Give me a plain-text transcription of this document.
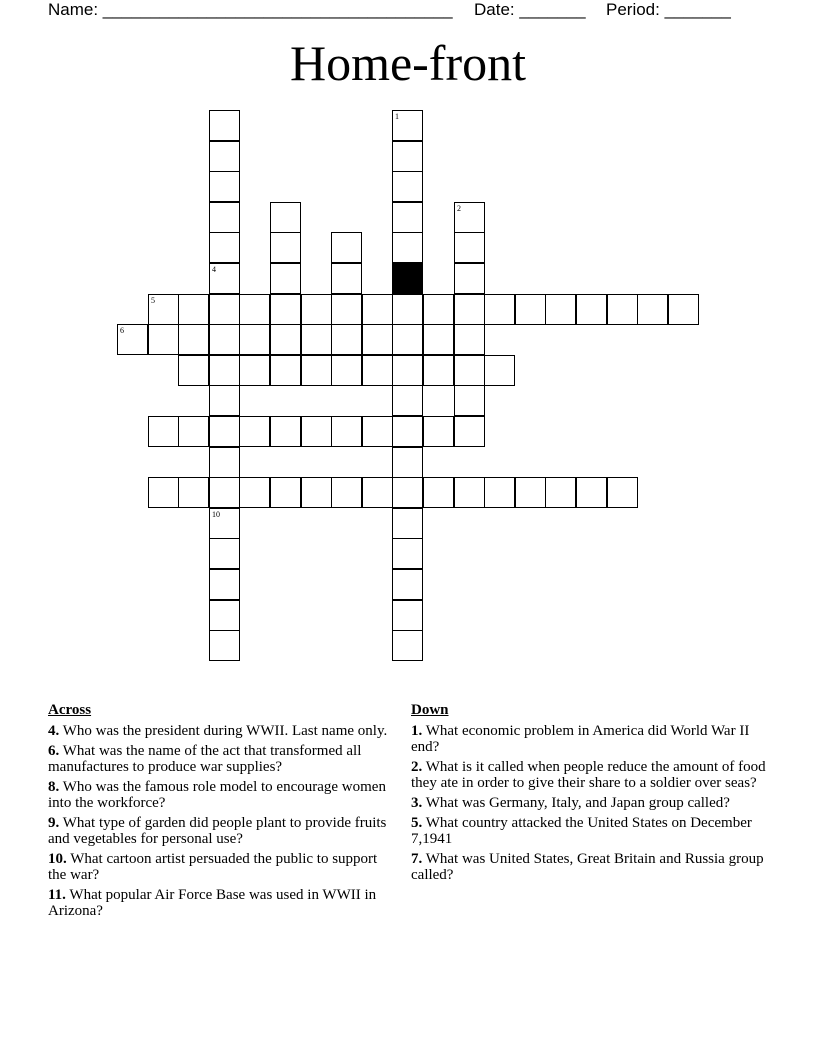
Name: _____________________________________ Date: _______ Period: _______
Home-front
4
10
5
6
1
2
Across
4. Who was the president during WWII. Last name only.
6. What was the name of the act that transformed all manufactures to produce war supplies?
8. Who was the famous role model to encourage women into the workforce?
9. What type of garden did people plant to provide fruits and vegetables for personal use?
10. What cartoon artist persuaded the public to support the war?
11. What popular Air Force Base was used in WWII in Arizona?
Down
1. What economic problem in America did World War II end?
2. What is it called when people reduce the amount of food they ate in order to give their share to a soldier over seas?
3. What was Germany, Italy, and Japan group called?
5. What country attacked the United States on December 7,1941
7. What was United States, Great Britain and Russia group called?
